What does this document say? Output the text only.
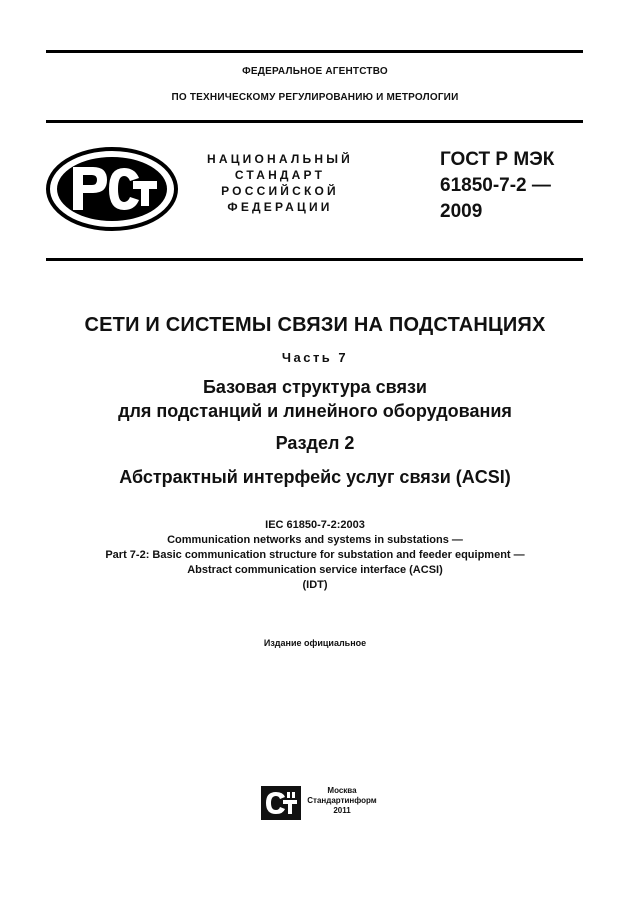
ФЕДЕРАЛЬНОЕ АГЕНТСТВО
ПО ТЕХНИЧЕСКОМУ РЕГУЛИРОВАНИЮ И МЕТРОЛОГИИ
НАЦИОНАЛЬНЫЙ
СТАНДАРТ
РОССИЙСКОЙ
ФЕДЕРАЦИИ
ГОСТ Р МЭК
61850-7-2 —
2009
СЕТИ И СИСТЕМЫ СВЯЗИ НА ПОДСТАНЦИЯХ
Часть 7
Базовая структура связи
для подстанций и линейного оборудования
Раздел 2
Абстрактный интерфейс услуг связи (ACSI)
IEC 61850-7-2:2003
Communication networks and systems in substations —
Part 7-2: Basic communication structure for substation and feeder equipment —
Abstract communication service interface (ACSI)
(IDT)
Издание официальное
Москва
Стандартинформ
2011
